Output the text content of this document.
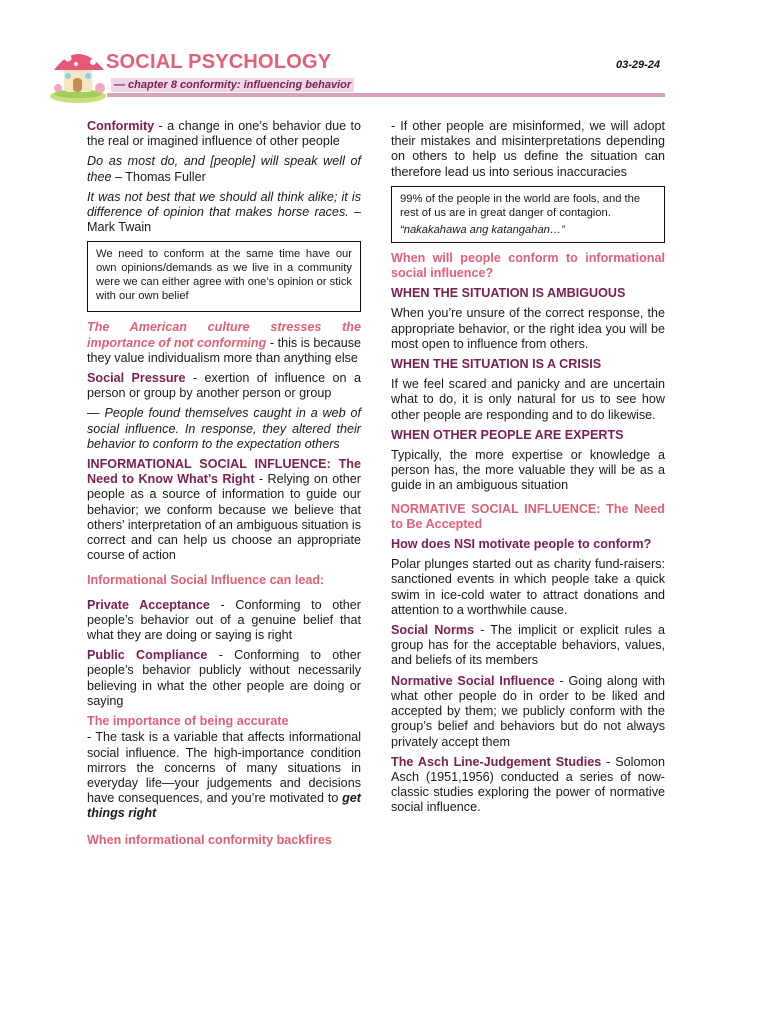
SOCIAL PSYCHOLOGY
— chapter 8 conformity: influencing behavior
03-29-24

Conformity - a change in one’s behavior due to the real or imagined influence of other people

Do as most do, and [people] will speak well of thee – Thomas Fuller

It was not best that we should all think alike; it is difference of opinion that makes horse races. – Mark Twain

We need to conform at the same time have our own opinions/demands as we live in a community were we can either agree with one’s opinion or stick with our own belief

The American culture stresses the importance of not conforming - this is because they value individualism more than anything else

Social Pressure - exertion of influence on a person or group by another person or group

— People found themselves caught in a web of social influence. In response, they altered their behavior to conform to the expectation others

INFORMATIONAL SOCIAL INFLUENCE: The Need to Know What’s Right - Relying on other people as a source of information to guide our behavior; we conform because we believe that others’ interpretation of an ambiguous situation is correct and can help us choose an appropriate course of action

Informational Social Influence can lead:

Private Acceptance - Conforming to other people’s behavior out of a genuine belief that what they are doing or saying is right

Public Compliance - Conforming to other people’s behavior publicly without necessarily believing in what the other people are doing or saying

The importance of being accurate

- The task is a variable that affects informational social influence. The high-importance condition mirrors the concerns of many situations in everyday life—your judgements and decisions have consequences, and you’re motivated to get things right

When informational conformity backfires

- If other people are misinformed, we will adopt their mistakes and misinterpretations depending on others to help us define the situation can therefore lead us into serious inaccuracies

99% of the people in the world are fools, and the rest of us are in great danger of contagion.

“nakakahawa ang katangahan…”

When will people conform to informational social influence?

WHEN THE SITUATION IS AMBIGUOUS

When you’re unsure of the correct response, the appropriate behavior, or the right idea you will be most open to influence from others.

WHEN THE SITUATION IS A CRISIS

If we feel scared and panicky and are uncertain what to do, it is only natural for us to see how other people are responding and to do likewise.

WHEN OTHER PEOPLE ARE EXPERTS

Typically, the more expertise or knowledge a person has, the more valuable they will be as a guide in an ambiguous situation

NORMATIVE SOCIAL INFLUENCE: The Need to Be Accepted

How does NSI motivate people to conform?

Polar plunges started out as charity fund-raisers: sanctioned events in which people take a quick swim in ice-cold water to attract donations and attention to a worthwhile cause.

Social Norms - The implicit or explicit rules a group has for the acceptable behaviors, values, and beliefs of its members

Normative Social Influence - Going along with what other people do in order to be liked and accepted by them; we publicly conform with the group’s belief and behaviors but do not always privately accept them

The Asch Line-Judgement Studies - Solomon Asch (1951,1956) conducted a series of now-classic studies exploring the power of normative social influence.
